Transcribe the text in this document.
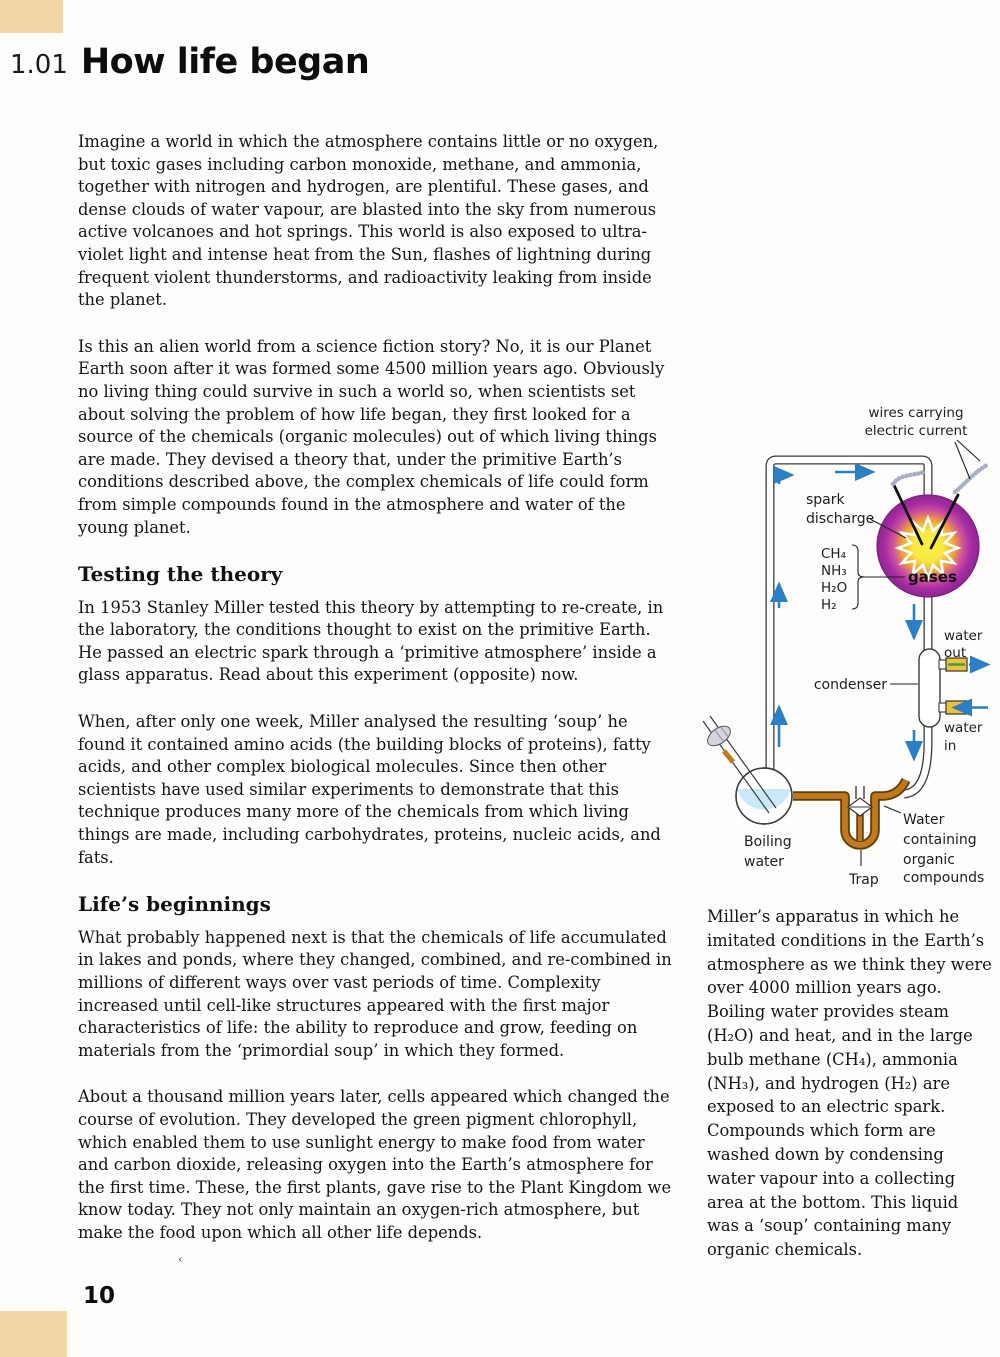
1.01 How life began

Imagine a world in which the atmosphere contains little or no oxygen, but toxic gases including carbon monoxide, methane, and ammonia, together with nitrogen and hydrogen, are plentiful. These gases, and dense clouds of water vapour, are blasted into the sky from numerous active volcanoes and hot springs. This world is also exposed to ultra-violet light and intense heat from the Sun, flashes of lightning during frequent violent thunderstorms, and radioactivity leaking from inside the planet.

Is this an alien world from a science fiction story? No, it is our Planet Earth soon after it was formed some 4500 million years ago. Obviously no living thing could survive in such a world so, when scientists set about solving the problem of how life began, they first looked for a source of the chemicals (organic molecules) out of which living things are made. They devised a theory that, under the primitive Earth’s conditions described above, the complex chemicals of life could form from simple compounds found in the atmosphere and water of the young planet.

Testing the theory

In 1953 Stanley Miller tested this theory by attempting to re-create, in the laboratory, the conditions thought to exist on the primitive Earth. He passed an electric spark through a ‘primitive atmosphere’ inside a glass apparatus. Read about this experiment (opposite) now.

When, after only one week, Miller analysed the resulting ‘soup’ he found it contained amino acids (the building blocks of proteins), fatty acids, and other complex biological molecules. Since then other scientists have used similar experiments to demonstrate that this technique produces many more of the chemicals from which living things are made, including carbohydrates, proteins, nucleic acids, and fats.

Life’s beginnings

What probably happened next is that the chemicals of life accumulated in lakes and ponds, where they changed, combined, and re-combined in millions of different ways over vast periods of time. Complexity increased until cell-like structures appeared with the first major characteristics of life: the ability to reproduce and grow, feeding on materials from the ‘primordial soup’ in which they formed.

About a thousand million years later, cells appeared which changed the course of evolution. They developed the green pigment chlorophyll, which enabled them to use sunlight energy to make food from water and carbon dioxide, releasing oxygen into the Earth’s atmosphere for the first time. These, the first plants, gave rise to the Plant Kingdom we know today. They not only maintain an oxygen-rich atmosphere, but make the food upon which all other life depends.

wires carrying
electric current
spark
discharge
CH₄
NH₃
H₂O
H₂
gases
condenser
water
out
water
in
Boiling
water
Trap
Water
containing
organic
compounds
Miller’s apparatus in which he imitated conditions in the Earth’s atmosphere as we think they were over 4000 million years ago. Boiling water provides steam (H₂O) and heat, and in the large bulb methane (CH₄), ammonia (NH₃), and hydrogen (H₂) are exposed to an electric spark. Compounds which form are washed down by condensing water vapour into a collecting area at the bottom. This liquid was a ‘soup’ containing many organic chemicals.
‹
10
